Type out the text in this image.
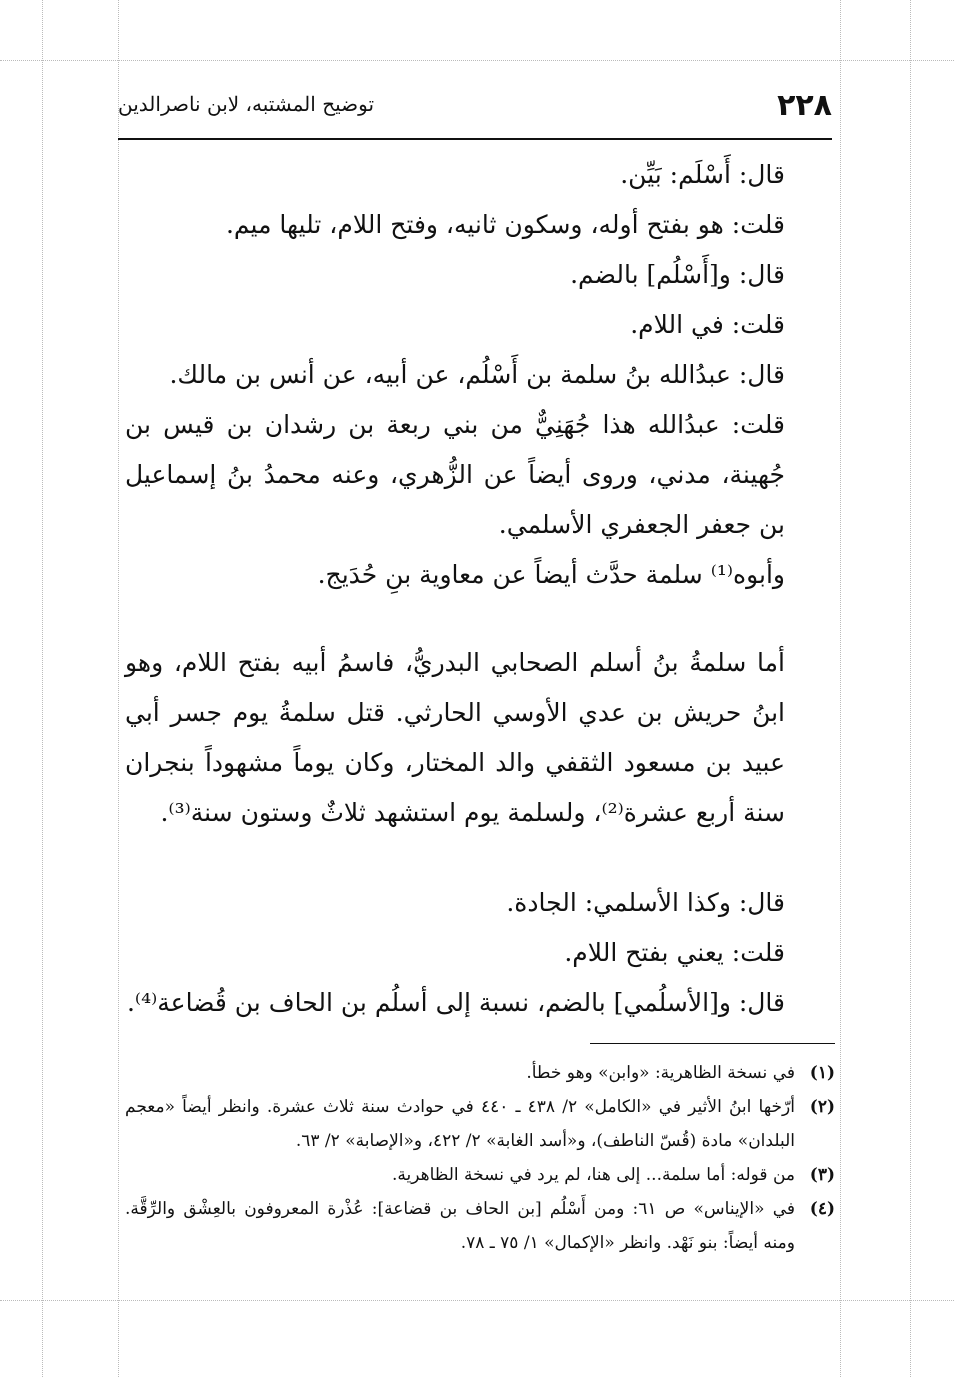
٢٢٨
توضيح المشتبه، لابن ناصرالدين

قال: أَسْلَم: بَيِّن.

قلت: هو بفتح أوله، وسكون ثانيه، وفتح اللام، تليها ميم.

قال: و[أَسْلُم] بالضم.

قلت: في اللام.

قال: عبدُالله بنُ سلمة بن أَسْلُم، عن أبيه، عن أنس بن مالك.

قلت: عبدُالله هذا جُهَنِيٌّ من بني ربعة بن رشدان بن قيس بن جُهينة، مدني، وروى أيضاً عن الزُّهري، وعنه محمدُ بنُ إسماعيل بن جعفر الجعفري الأسلمي.

وأبوه⁽¹⁾ سلمة حدَّث أيضاً عن معاوية بنِ حُدَيج.

أما سلمةُ بنُ أسلم الصحابي البدريُّ، فاسمُ أبيه بفتح اللام، وهو ابنُ حريش بن عدي الأوسي الحارثي. قتل سلمةُ يوم جسر أبي عبيد بن مسعود الثقفي والد المختار، وكان يوماً مشهوداً بنجران سنة أربع عشرة⁽²⁾، ولسلمة يوم استشهد ثلاثٌ وستون سنة⁽³⁾.

قال: وكذا الأسلمي: الجادة.

قلت: يعني بفتح اللام.

قال: و[الأسلُمي] بالضم، نسبة إلى أسلُم بن الحاف بن قُضاعة⁽⁴⁾.

(١)
في نسخة الظاهرية: «وابن» وهو خطأ.
(٢)
أرّخها ابنُ الأثير في «الكامل» ٢/ ٤٣٨ ـ ٤٤٠ في حوادث سنة ثلاث عشرة. وانظر أيضاً «معجم البلدان» مادة (قُسّ الناطف)، و«أسد الغابة» ٢/ ٤٢٢، و«الإصابة» ٢/ ٦٣.
(٣)
من قوله: أما سلمة... إلى هنا، لم يرد في نسخة الظاهرية.
(٤)
في «الإيناس» ص ٦١: ومن أَسْلُم [بن الحاف بن قضاعة]: عُذْرة المعروفون بالعِشْق والرِّقَّة. ومنه أيضاً: بنو نَهْد. وانظر «الإكمال» ١/ ٧٥ ـ ٧٨.
